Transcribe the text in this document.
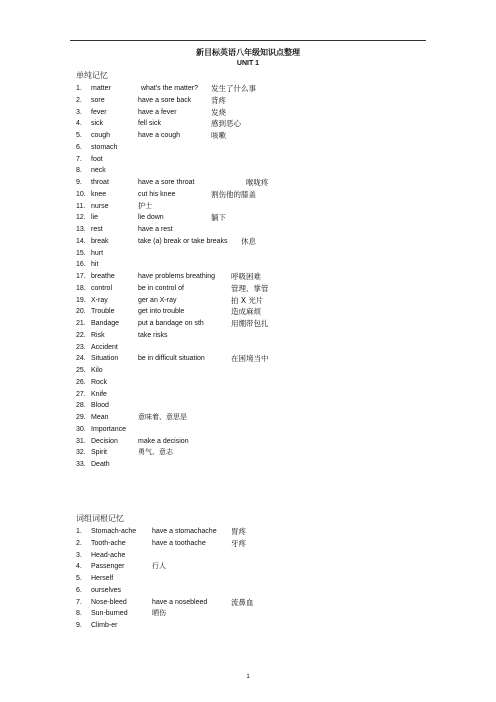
新目标英语八年级知识点整理
UNIT 1
单纯记忆
1. matter	what's the matter? 发生了什么事
2. sore	have a sore back	背疼
3. fever	have a fever	发烧
4. sick	fell sick	感到恶心
5. cough	have a cough	咳嗽
6. stomach
7. foot
8. neck
9. throat	have a sore throat	喉咙疼
10. knee	cut his knee	割伤他的膝盖
11. nurse	护士
12. lie	lie down	躺下
13. rest	have a rest
14. break	take (a) break or take breaks 休息
15. hurt
16. hit
17. breathe	have problems breathing 呼吸困难
18. control	be in control of	管理、掌管
19. X-ray	ger an X-ray	拍 X 光片
20. Trouble	get into trouble	造成麻烦
21. Bandage	put a bandage on sth	用绷带包扎
22. Risk	take risks
23. Accident
24. Situation	be in difficult situation	在困境当中
25. Kilo
26. Rock
27. Knife
28. Blood
29. Mean	意味着、意思是
30. Importance
31. Decision	make a decision
32. Spirit	勇气、意志
33. Death
词组词根记忆
1. Stomach-ache have a stomachache 胃疼
2. Tooth-ache	have a toothache	牙疼
3. Head-ache
4. Passenger	行人
5. Herself
6. ourselves
7. Nose-bleed	have a nosebleed	流鼻血
8. Sun-burned	晒伤
9. Climb-er
1
